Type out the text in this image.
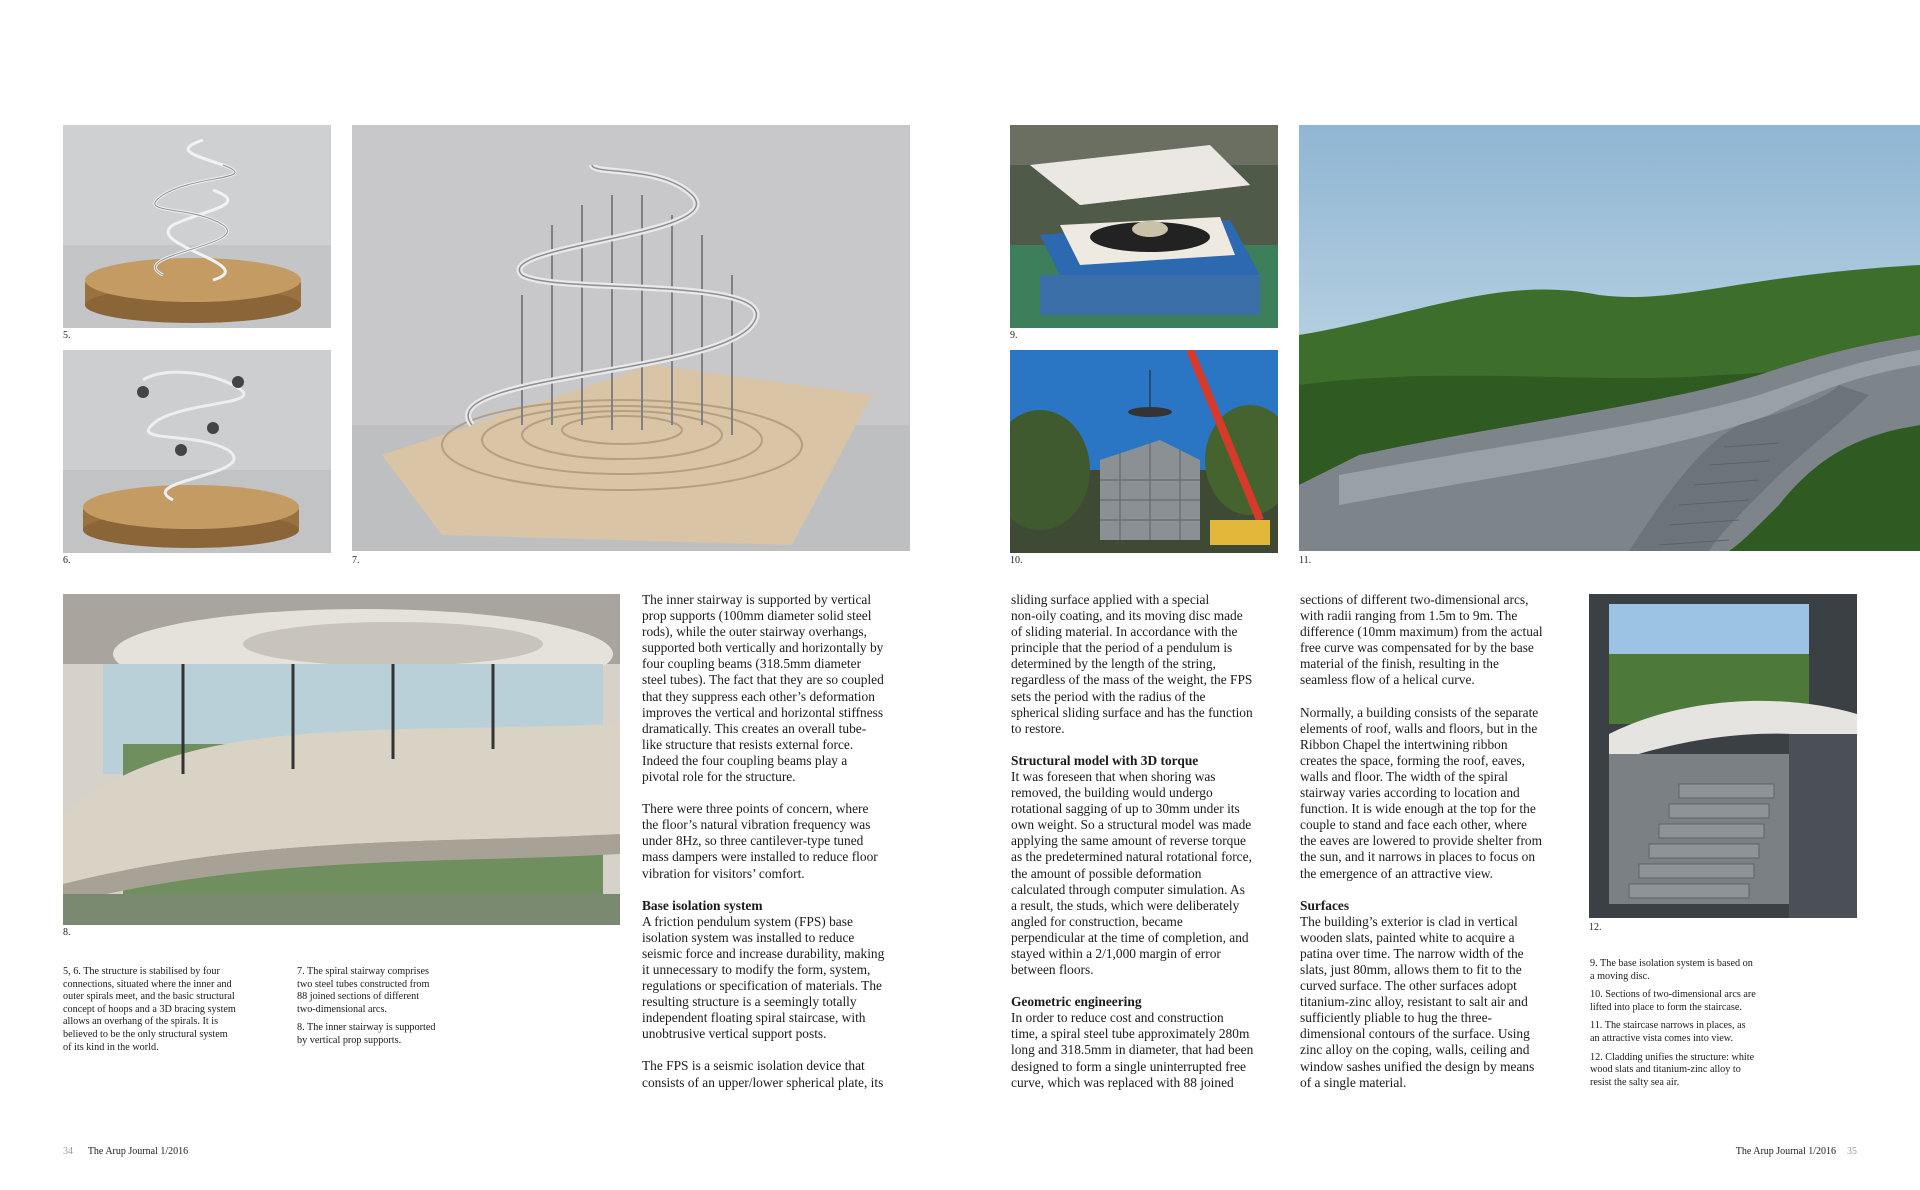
5.
6.	7.
8.

5, 6. The structure is stabilised by four
connections, situated where the inner and
outer spirals meet, and the basic structural
concept of hoops and a 3D bracing system
allows an overhang of the spirals. It is
believed to be the only structural system
of its kind in the world.

7. The spiral stairway comprises
two steel tubes constructed from
88 joined sections of different
two-dimensional arcs.

8. The inner stairway is supported
by vertical prop supports.

The inner stairway is supported by vertical
prop supports (100mm diameter solid steel
rods), while the outer stairway overhangs,
supported both vertically and horizontally by
four coupling beams (318.5mm diameter
steel tubes). The fact that they are so coupled
that they suppress each other’s deformation
improves the vertical and horizontal stiffness
dramatically. This creates an overall tube-
like structure that resists external force.
Indeed the four coupling beams play a
pivotal role for the structure.

There were three points of concern, where
the floor’s natural vibration frequency was
under 8Hz, so three cantilever-type tuned
mass dampers were installed to reduce floor
vibration for visitors’ comfort.

Base isolation system

A friction pendulum system (FPS) base
isolation system was installed to reduce
seismic force and increase durability, making
it unnecessary to modify the form, system,
regulations or specification of materials. The
resulting structure is a seemingly totally
independent floating spiral staircase, with
unobtrusive vertical support posts.

The FPS is a seismic isolation device that
consists of an upper/lower spherical plate, its

34 The Arup Journal 1/2016
9.
10.	11.
12.

sliding surface applied with a special
non-oily coating, and its moving disc made
of sliding material. In accordance with the
principle that the period of a pendulum is
determined by the length of the string,
regardless of the mass of the weight, the FPS
sets the period with the radius of the
spherical sliding surface and has the function
to restore.

Structural model with 3D torque

It was foreseen that when shoring was
removed, the building would undergo
rotational sagging of up to 30mm under its
own weight. So a structural model was made
applying the same amount of reverse torque
as the predetermined natural rotational force,
the amount of possible deformation
calculated through computer simulation. As
a result, the studs, which were deliberately
angled for construction, became
perpendicular at the time of completion, and
stayed within a 2/1,000 margin of error
between floors.

Geometric engineering

In order to reduce cost and construction
time, a spiral steel tube approximately 280m
long and 318.5mm in diameter, that had been
designed to form a single uninterrupted free
curve, which was replaced with 88 joined

sections of different two-dimensional arcs,
with radii ranging from 1.5m to 9m. The
difference (10mm maximum) from the actual
free curve was compensated for by the base
material of the finish, resulting in the
seamless flow of a helical curve.

Normally, a building consists of the separate
elements of roof, walls and floors, but in the
Ribbon Chapel the intertwining ribbon
creates the space, forming the roof, eaves,
walls and floor. The width of the spiral
stairway varies according to location and
function. It is wide enough at the top for the
couple to stand and face each other, where
the eaves are lowered to provide shelter from
the sun, and it narrows in places to focus on
the emergence of an attractive view.

Surfaces

The building’s exterior is clad in vertical
wooden slats, painted white to acquire a
patina over time. The narrow width of the
slats, just 80mm, allows them to fit to the
curved surface. The other surfaces adopt
titanium-zinc alloy, resistant to salt air and
sufficiently pliable to hug the three-
dimensional contours of the surface. Using
zinc alloy on the coping, walls, ceiling and
window sashes unified the design by means
of a single material.

9. The base isolation system is based on
a moving disc.

10. Sections of two-dimensional arcs are
lifted into place to form the staircase.

11. The staircase narrows in places, as
an attractive vista comes into view.

12. Cladding unifies the structure: white
wood slats and titanium-zinc alloy to
resist the salty sea air.

The Arup Journal 1/2016 35
